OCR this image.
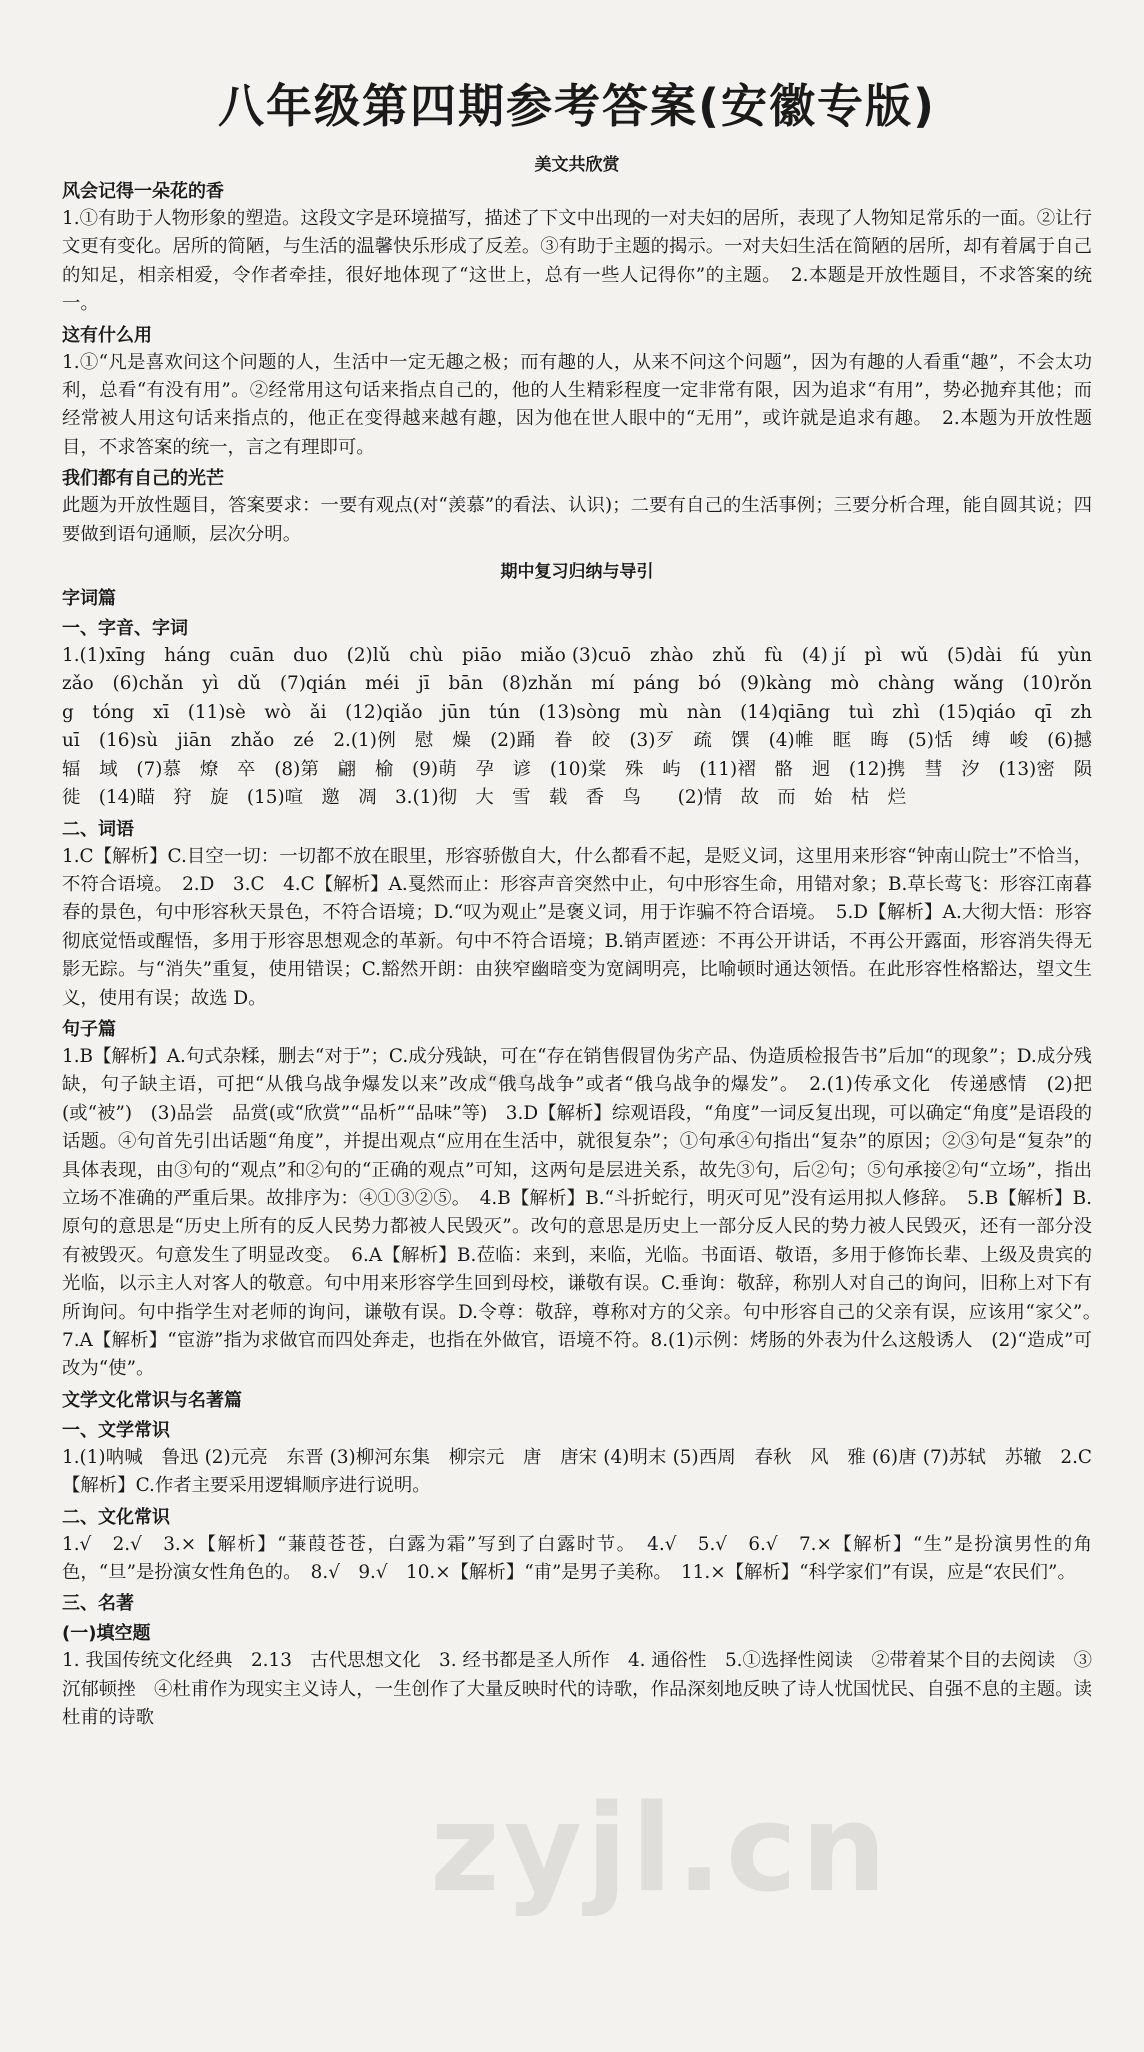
八年级第四期参考答案(安徽专版)
美文共欣赏
风会记得一朵花的香

1.①有助于人物形象的塑造。这段文字是环境描写，描述了下文中出现的一对夫妇的居所，表现了人物知足常乐的一面。②让行文更有变化。居所的简陋，与生活的温馨快乐形成了反差。③有助于主题的揭示。一对夫妇生活在简陋的居所，却有着属于自己的知足，相亲相爱，令作者牵挂，很好地体现了“这世上，总有一些人记得你”的主题。　2.本题是开放性题目，不求答案的统一。

这有什么用

1.①“凡是喜欢问这个问题的人，生活中一定无趣之极；而有趣的人，从来不问这个问题”，因为有趣的人看重“趣”，不会太功利，总看“有没有用”。②经常用这句话来指点自己的，他的人生精彩程度一定非常有限，因为追求“有用”，势必抛弃其他；而经常被人用这句话来指点的，他正在变得越来越有趣，因为他在世人眼中的“无用”，或许就是追求有趣。　2.本题为开放性题目，不求答案的统一，言之有理即可。

我们都有自己的光芒

此题为开放性题目，答案要求：一要有观点(对“羡慕”的看法、认识)；二要有自己的生活事例；三要分析合理，能自圆其说；四要做到语句通顺，层次分明。

期中复习归纳与导引
字词篇
一、字音、字词

1.(1)xīng　háng　cuān　duo　(2)lǔ　chù　piāo　miǎo (3)cuō　zhào　zhǔ　fù　(4) jí　pì　wǔ　(5)dài　fú　yùn　zǎo　(6)chǎn　yì　dǔ　(7)qián　méi　jī　bān　(8)zhǎn　mí　páng　bó　(9)kàng　mò　chàng　wǎng　(10)rǒng　tóng　xī　(11)sè　wò　ǎi　(12)qiǎo　jūn　tún　(13)sòng　mù　nàn　(14)qiāng　tuì　zhì　(15)qiáo　qī　zhuī　(16)sù　jiān　zhǎo　zé　2.(1)例　慰　燥　(2)踊　眷　皎　(3)歹　疏　馔　(4)帷　眶　晦　(5)恬　缚　峻　(6)撼　辐　域　(7)慕　燎　卒　(8)第　翩　榆　(9)萌　孕　谚　(10)棠　殊　屿　(11)褶　骼　迥　(12)携　彗　汐　(13)密　陨　徙　(14)瞄　狩　旋　(15)喧　邀　凋　3.(1)彻　大　雪　载　香　鸟　　(2)情　故　而　始　枯　烂

二、词语

1.C【解析】C.目空一切：一切都不放在眼里，形容骄傲自大，什么都看不起，是贬义词，这里用来形容“钟南山院士”不恰当，不符合语境。　2.D　3.C　4.C【解析】A.戛然而止：形容声音突然中止，句中形容生命，用错对象；B.草长莺飞：形容江南暮春的景色，句中形容秋天景色，不符合语境；D.“叹为观止”是褒义词，用于诈骗不符合语境。　5.D【解析】A.大彻大悟：形容彻底觉悟或醒悟，多用于形容思想观念的革新。句中不符合语境；B.销声匿迹：不再公开讲话，不再公开露面，形容消失得无影无踪。与“消失”重复，使用错误；C.豁然开朗：由狭窄幽暗变为宽阔明亮，比喻顿时通达领悟。在此形容性格豁达，望文生义，使用有误；故选 D。

句子篇

1.B【解析】A.句式杂糅，删去“对于”；C.成分残缺，可在“存在销售假冒伪劣产品、伪造质检报告书”后加“的现象”；D.成分残缺，句子缺主语，可把“从俄乌战争爆发以来”改成“俄乌战争”或者“俄乌战争的爆发”。　2.(1)传承文化　传递感情　(2)把(或“被”)　(3)品尝　品赏(或“欣赏”“品析”“品味”等)　3.D【解析】综观语段，“角度”一词反复出现，可以确定“角度”是语段的话题。④句首先引出话题“角度”，并提出观点“应用在生活中，就很复杂”；①句承④句指出“复杂”的原因；②③句是“复杂”的具体表现，由③句的“观点”和②句的“正确的观点”可知，这两句是层进关系，故先③句，后②句；⑤句承接②句“立场”，指出立场不准确的严重后果。故排序为：④①③②⑤。　4.B【解析】B.“斗折蛇行，明灭可见”没有运用拟人修辞。　5.B【解析】B.原句的意思是“历史上所有的反人民势力都被人民毁灭”。改句的意思是历史上一部分反人民的势力被人民毁灭，还有一部分没有被毁灭。句意发生了明显改变。　6.A【解析】B.莅临：来到，来临，光临。书面语、敬语，多用于修饰长辈、上级及贵宾的光临，以示主人对客人的敬意。句中用来形容学生回到母校，谦敬有误。C.垂询：敬辞，称别人对自己的询问，旧称上对下有所询问。句中指学生对老师的询问，谦敬有误。D.令尊：敬辞，尊称对方的父亲。句中形容自己的父亲有误，应该用“家父”。　7.A【解析】“宦游”指为求做官而四处奔走，也指在外做官，语境不符。8.(1)示例：烤肠的外表为什么这般诱人　(2)“造成”可改为“使”。

文学文化常识与名著篇
一、文学常识

1.(1)呐喊　鲁迅 (2)元亮　东晋 (3)柳河东集　柳宗元　唐　唐宋 (4)明末 (5)西周　春秋　风　雅 (6)唐 (7)苏轼　苏辙　2.C【解析】C.作者主要采用逻辑顺序进行说明。

二、文化常识

1.√　2.√　3.×【解析】“蒹葭苍苍，白露为霜”写到了白露时节。　4.√　5.√　6.√　7.×【解析】“生”是扮演男性的角色，“旦”是扮演女性角色的。　8.√　9.√　10.×【解析】“甫”是男子美称。　11.×【解析】“科学家们”有误，应是“农民们”。

三、名著
(一)填空题

1. 我国传统文化经典　2.13　古代思想文化　3. 经书都是圣人所作　4. 通俗性　5.①选择性阅读　②带着某个目的去阅读　③沉郁顿挫　④杜甫作为现实主义诗人，一生创作了大量反映时代的诗歌，作品深刻地反映了诗人忧国忧民、自强不息的主题。读杜甫的诗歌

⌣
zyjl.cn
